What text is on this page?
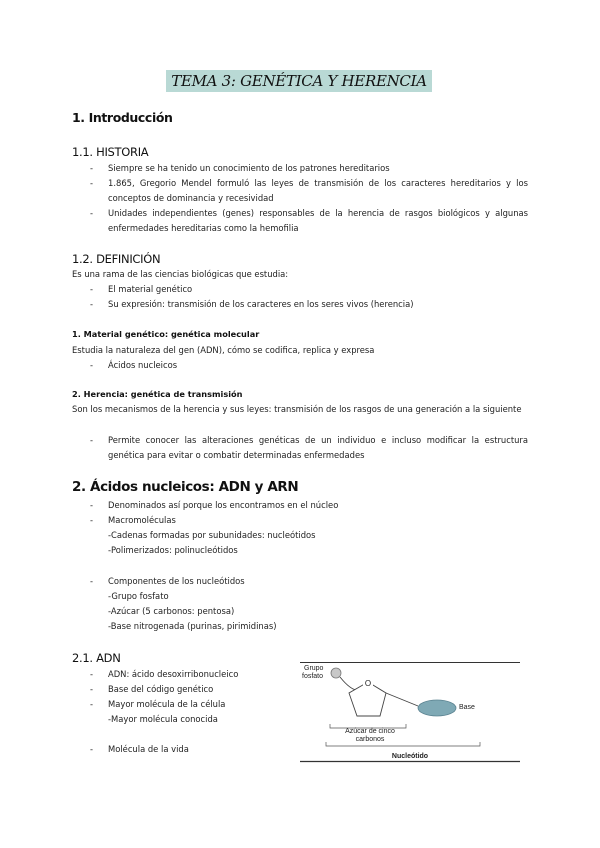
TEMA 3: GENÉTICA Y HERENCIA
1. Introducción
1.1. HISTORIA
- Siempre se ha tenido un conocimiento de los patrones hereditarios
- 1.865, Gregorio Mendel formuló las leyes de transmisión de los caracteres hereditarios y los conceptos de dominancia y recesividad
- Unidades independientes (genes) responsables de la herencia de rasgos biológicos y algunas enfermedades hereditarias como la hemofilia
1.2. DEFINICIÓN
Es una rama de las ciencias biológicas que estudia:
- El material genético
- Su expresión: transmisión de los caracteres en los seres vivos (herencia)
1. Material genético: genética molecular
Estudia la naturaleza del gen (ADN), cómo se codifica, replica y expresa
- Ácidos nucleicos
2. Herencia: genética de transmisión
Son los mecanismos de la herencia y sus leyes: transmisión de los rasgos de una generación a la siguiente
- Permite conocer las alteraciones genéticas de un individuo e incluso modificar la estructura genética para evitar o combatir determinadas enfermedades
2. Ácidos nucleicos: ADN y ARN
- Denominados así porque los encontramos en el núcleo
- Macromoléculas
-Cadenas formadas por subunidades: nucleótidos
-Polimerizados: polinucleótidos
- Componentes de los nucleótidos
-Grupo fosfato
-Azúcar (5 carbonos: pentosa)
-Base nitrogenada (purinas, pirimidinas)
2.1. ADN
- ADN: ácido desoxirribonucleico
- Base del código genético
- Mayor molécula de la célula
-Mayor molécula conocida
- Molécula de la vida
O
Grupo
fosfato
Base
Azúcar de cinco
carbonos
Nucleótido
